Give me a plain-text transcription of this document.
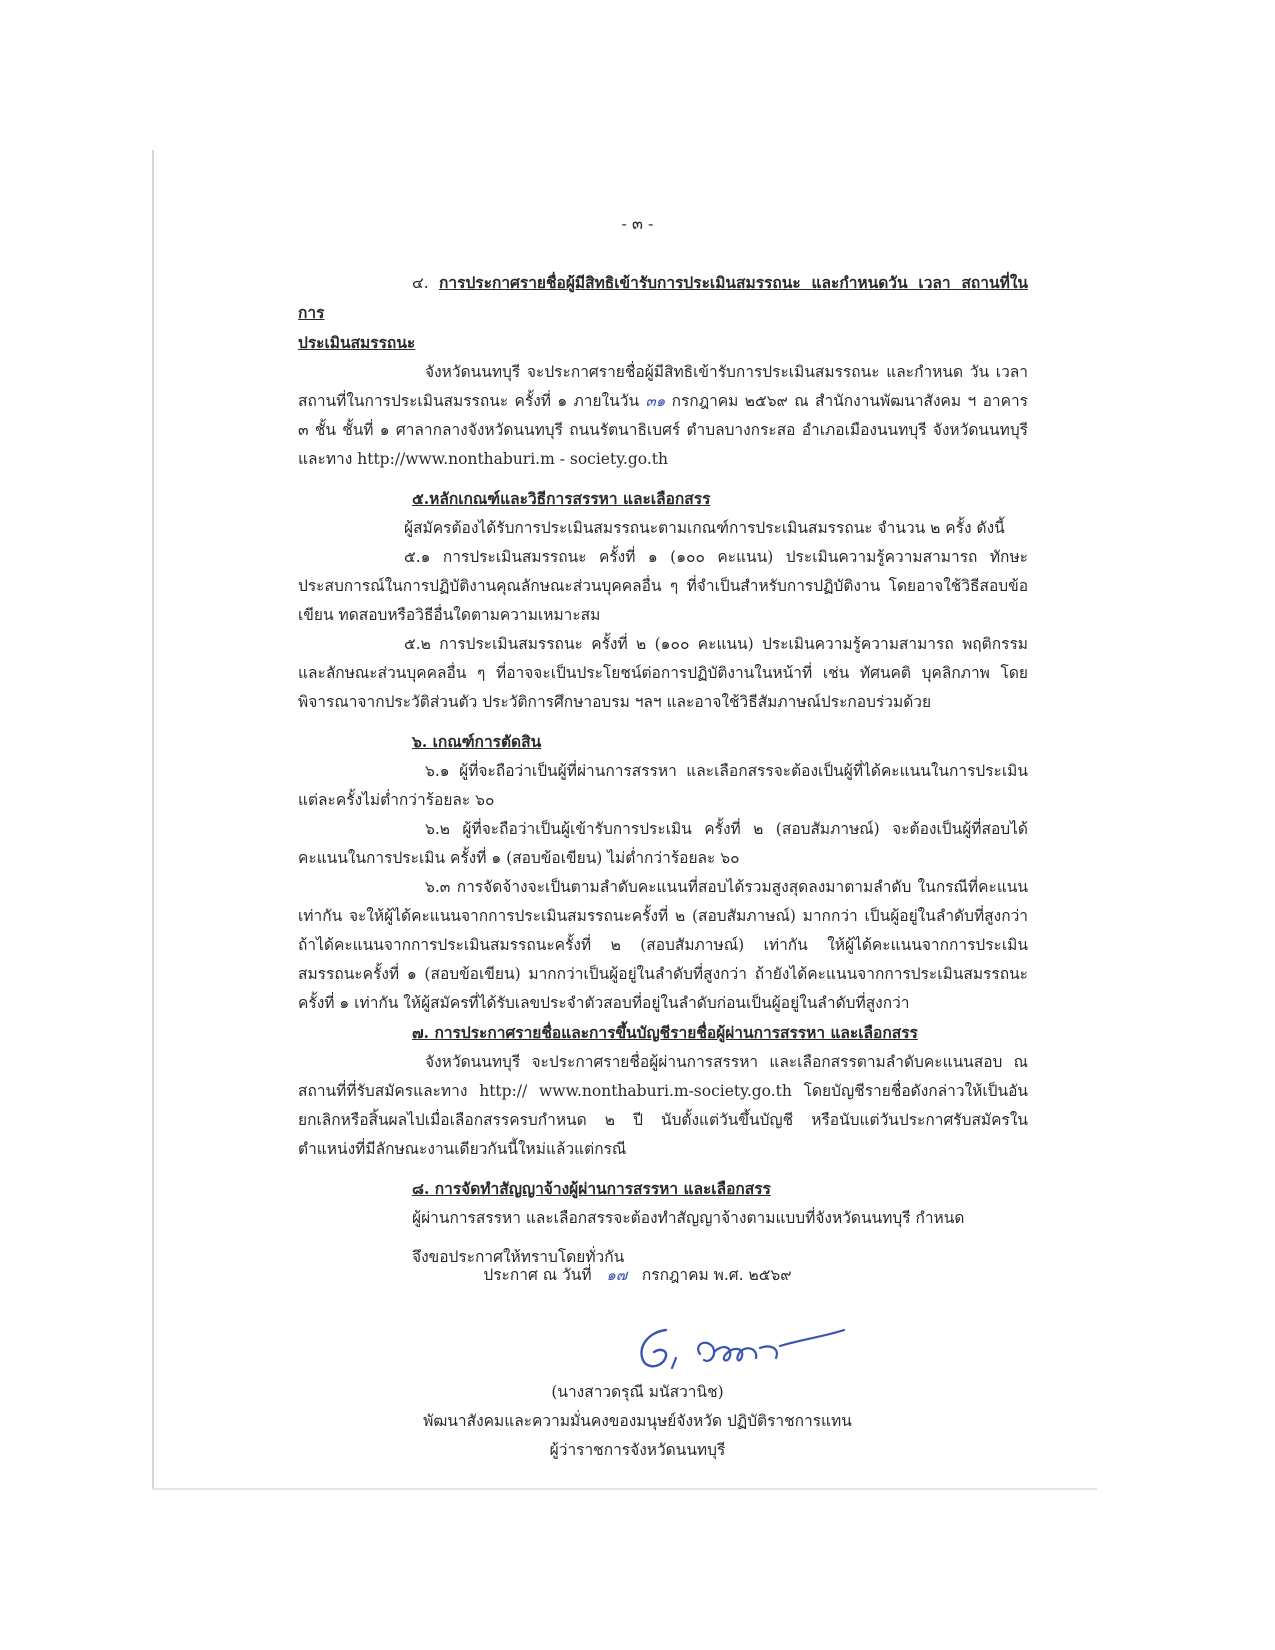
- ๓ -

๔. การประกาศรายชื่อผู้มีสิทธิเข้ารับการประเมินสมรรถนะ และกำหนดวัน เวลา สถานที่ในการ

ประเมินสมรรถนะ

จังหวัดนนทบุรี จะประกาศรายชื่อผู้มีสิทธิเข้ารับการประเมินสมรรถนะ และกำหนด วัน เวลา สถานที่ในการประเมินสมรรถนะ ครั้งที่ ๑ ภายในวัน ๓๑ กรกฎาคม ๒๕๖๙ ณ สำนักงานพัฒนาสังคม ฯ อาคาร ๓ ชั้น ชั้นที่ ๑ ศาลากลางจังหวัดนนทบุรี ถนนรัตนาธิเบศร์ ตำบลบางกระสอ อำเภอเมืองนนทบุรี จังหวัดนนทบุรี และทาง http://www.nonthaburi.m - society.go.th

๕.หลักเกณฑ์และวิธีการสรรหา และเลือกสรร

ผู้สมัครต้องได้รับการประเมินสมรรถนะตามเกณฑ์การประเมินสมรรถนะ จำนวน ๒ ครั้ง ดังนี้

๕.๑ การประเมินสมรรถนะ ครั้งที่ ๑ (๑๐๐ คะแนน) ประเมินความรู้ความสามารถ ทักษะ ประสบการณ์ในการปฏิบัติงานคุณลักษณะส่วนบุคคลอื่น ๆ ที่จำเป็นสำหรับการปฏิบัติงาน โดยอาจใช้วิธีสอบข้อเขียน ทดสอบหรือวิธีอื่นใดตามความเหมาะสม

๕.๒ การประเมินสมรรถนะ ครั้งที่ ๒ (๑๐๐ คะแนน) ประเมินความรู้ความสามารถ พฤติกรรม และลักษณะส่วนบุคคลอื่น ๆ ที่อาจจะเป็นประโยชน์ต่อการปฏิบัติงานในหน้าที่ เช่น ทัศนคติ บุคลิกภาพ โดยพิจารณาจากประวัติส่วนตัว ประวัติการศึกษาอบรม ฯลฯ และอาจใช้วิธีสัมภาษณ์ประกอบร่วมด้วย

๖. เกณฑ์การตัดสิน

๖.๑ ผู้ที่จะถือว่าเป็นผู้ที่ผ่านการสรรหา และเลือกสรรจะต้องเป็นผู้ที่ได้คะแนนในการประเมินแต่ละครั้งไม่ต่ำกว่าร้อยละ ๖๐

๖.๒ ผู้ที่จะถือว่าเป็นผู้เข้ารับการประเมิน ครั้งที่ ๒ (สอบสัมภาษณ์) จะต้องเป็นผู้ที่สอบได้คะแนนในการประเมิน ครั้งที่ ๑ (สอบข้อเขียน) ไม่ต่ำกว่าร้อยละ ๖๐

๖.๓ การจัดจ้างจะเป็นตามลำดับคะแนนที่สอบได้รวมสูงสุดลงมาตามลำดับ ในกรณีที่คะแนนเท่ากัน จะให้ผู้ได้คะแนนจากการประเมินสมรรถนะครั้งที่ ๒ (สอบสัมภาษณ์) มากกว่า เป็นผู้อยู่ในลำดับที่สูงกว่าถ้าได้คะแนนจากการประเมินสมรรถนะครั้งที่ ๒ (สอบสัมภาษณ์) เท่ากัน ให้ผู้ได้คะแนนจากการประเมินสมรรถนะครั้งที่ ๑ (สอบข้อเขียน) มากกว่าเป็นผู้อยู่ในลำดับที่สูงกว่า ถ้ายังได้คะแนนจากการประเมินสมรรถนะครั้งที่ ๑ เท่ากัน ให้ผู้สมัครที่ได้รับเลขประจำตัวสอบที่อยู่ในลำดับก่อนเป็นผู้อยู่ในลำดับที่สูงกว่า

๗. การประกาศรายชื่อและการขึ้นบัญชีรายชื่อผู้ผ่านการสรรหา และเลือกสรร

จังหวัดนนทบุรี จะประกาศรายชื่อผู้ผ่านการสรรหา และเลือกสรรตามลำดับคะแนนสอบ ณ สถานที่ที่รับสมัครและทาง http:// www.nonthaburi.m-society.go.th โดยบัญชีรายชื่อดังกล่าวให้เป็นอันยกเลิกหรือสิ้นผลไปเมื่อเลือกสรรครบกำหนด ๒ ปี นับตั้งแต่วันขึ้นบัญชี หรือนับแต่วันประกาศรับสมัครในตำแหน่งที่มีลักษณะงานเดียวกันนี้ใหม่แล้วแต่กรณี

๘. การจัดทำสัญญาจ้างผู้ผ่านการสรรหา และเลือกสรร

ผู้ผ่านการสรรหา และเลือกสรรจะต้องทำสัญญาจ้างตามแบบที่จังหวัดนนทบุรี กำหนด

จึงขอประกาศให้ทราบโดยทั่วกัน

ประกาศ ณ วันที่ ๑๗ กรกฎาคม พ.ศ. ๒๕๖๙
(นางสาวดรุณี มนัสวานิช)
พัฒนาสังคมและความมั่นคงของมนุษย์จังหวัด ปฏิบัติราชการแทน
ผู้ว่าราชการจังหวัดนนทบุรี
